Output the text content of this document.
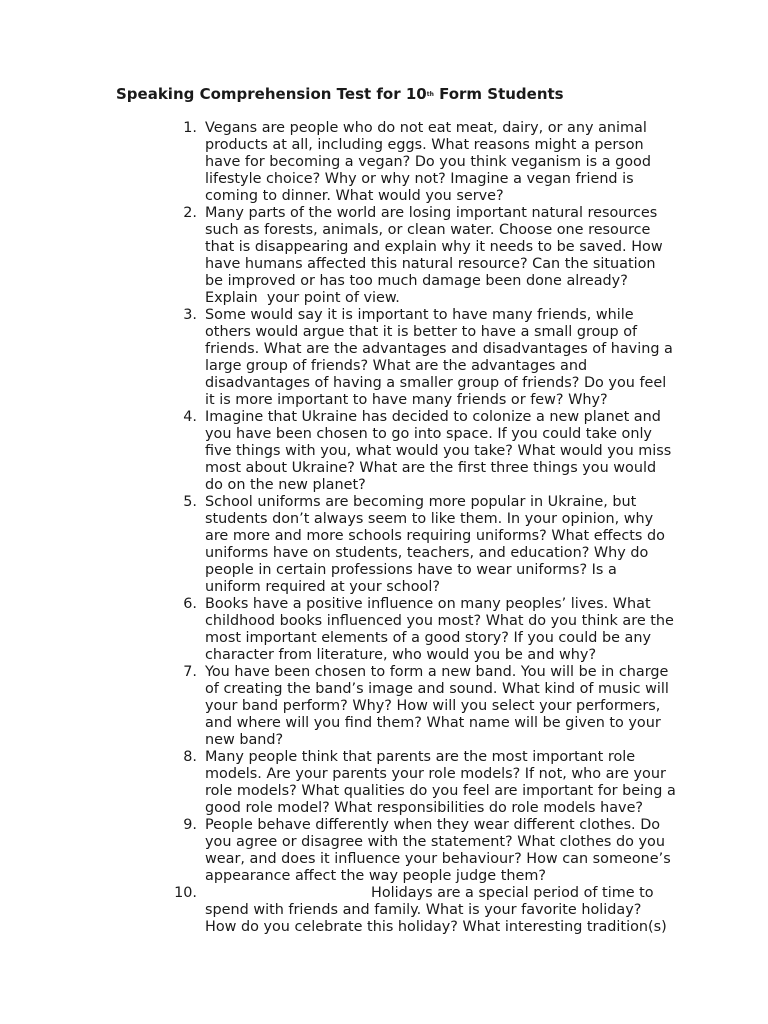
Speaking Comprehension Test for 10th Form Students
1. Vegans are people who do not eat meat, dairy, or any animal
products at all, including eggs. What reasons might a person
have for becoming a vegan? Do you think veganism is a good
lifestyle choice? Why or why not? Imagine a vegan friend is
coming to dinner. What would you serve?
2. Many parts of the world are losing important natural resources
such as forests, animals, or clean water. Choose one resource
that is disappearing and explain why it needs to be saved. How
have humans affected this natural resource? Can the situation
be improved or has too much damage been done already?
Explain  your point of view.
3. Some would say it is important to have many friends, while
others would argue that it is better to have a small group of
friends. What are the advantages and disadvantages of having a
large group of friends? What are the advantages and
disadvantages of having a smaller group of friends? Do you feel
it is more important to have many friends or few? Why?
4. Imagine that Ukraine has decided to colonize a new planet and
you have been chosen to go into space. If you could take only
five things with you, what would you take? What would you miss
most about Ukraine? What are the first three things you would
do on the new planet?
5. School uniforms are becoming more popular in Ukraine, but
students don’t always seem to like them. In your opinion, why
are more and more schools requiring uniforms? What effects do
uniforms have on students, teachers, and education? Why do
people in certain professions have to wear uniforms? Is a
uniform required at your school?
6. Books have a positive influence on many peoples’ lives. What
childhood books influenced you most? What do you think are the
most important elements of a good story? If you could be any
character from literature, who would you be and why?
7. You have been chosen to form a new band. You will be in charge
of creating the band’s image and sound. What kind of music will
your band perform? Why? How will you select your performers,
and where will you find them? What name will be given to your
new band?
8. Many people think that parents are the most important role
models. Are your parents your role models? If not, who are your
role models? What qualities do you feel are important for being a
good role model? What responsibilities do role models have?
9. People behave differently when they wear different clothes. Do
you agree or disagree with the statement? What clothes do you
wear, and does it influence your behaviour? How can someone’s
appearance affect the way people judge them?
10.	Holidays are a special period of time to
spend with friends and family. What is your favorite holiday?
How do you celebrate this holiday? What interesting tradition(s)
